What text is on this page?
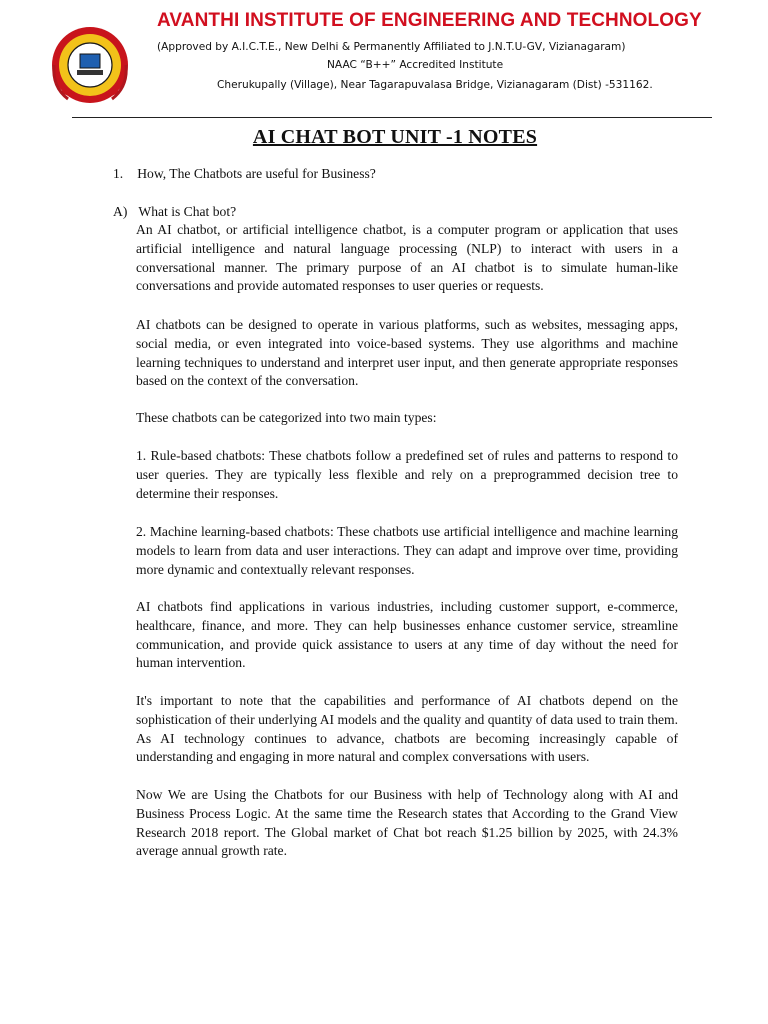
AVANTHI INSTITUTE OF ENGINEERING AND TECHNOLOGY
(Approved by A.I.C.T.E., New Delhi & Permanently Affiliated to J.N.T.U-GV, Vizianagaram)
NAAC “B++” Accredited Institute
Cherukupally (Village), Near Tagarapuvalasa Bridge, Vizianagaram (Dist) -531162.
AI CHAT BOT UNIT -1 NOTES
1. How, The Chatbots are useful for Business?
A) What is Chat bot?

An AI chatbot, or artificial intelligence chatbot, is a computer program or application that uses artificial intelligence and natural language processing (NLP) to interact with users in a conversational manner. The primary purpose of an AI chatbot is to simulate human-like conversations and provide automated responses to user queries or requests.

AI chatbots can be designed to operate in various platforms, such as websites, messaging apps, social media, or even integrated into voice-based systems. They use algorithms and machine learning techniques to understand and interpret user input, and then generate appropriate responses based on the context of the conversation.

These chatbots can be categorized into two main types:

1. Rule-based chatbots: These chatbots follow a predefined set of rules and patterns to respond to user queries. They are typically less flexible and rely on a preprogrammed decision tree to determine their responses.

2. Machine learning-based chatbots: These chatbots use artificial intelligence and machine learning models to learn from data and user interactions. They can adapt and improve over time, providing more dynamic and contextually relevant responses.

AI chatbots find applications in various industries, including customer support, e-commerce, healthcare, finance, and more. They can help businesses enhance customer service, streamline communication, and provide quick assistance to users at any time of day without the need for human intervention.

It's important to note that the capabilities and performance of AI chatbots depend on the sophistication of their underlying AI models and the quality and quantity of data used to train them. As AI technology continues to advance, chatbots are becoming increasingly capable of understanding and engaging in more natural and complex conversations with users.

Now We are Using the Chatbots for our Business with help of Technology along with AI and Business Process Logic. At the same time the Research states that According to the Grand View Research 2018 report. The Global market of Chat bot reach $1.25 billion by 2025, with 24.3% average annual growth rate.
